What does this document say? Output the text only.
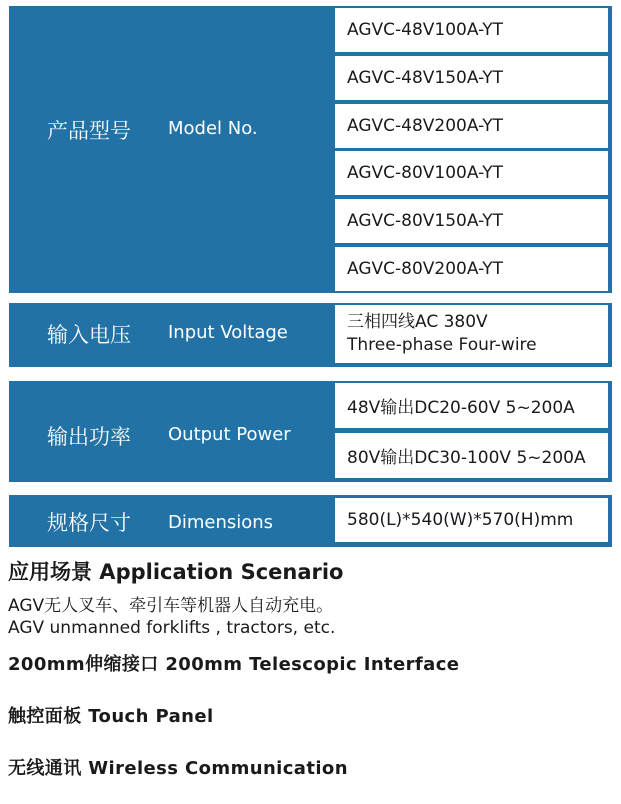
产品型号 Model No.
AGVC-48V100A-YT
AGVC-48V150A-YT
AGVC-48V200A-YT
AGVC-80V100A-YT
AGVC-80V150A-YT
AGVC-80V200A-YT
输入电压 Input Voltage	三相四线AC 380V
Three-phase Four-wire
输出功率 Output Power
48V输出DC20-60V 5~200A
80V输出DC30-100V 5~200A
规格尺寸 Dimensions	580(L)*540(W)*570(H)mm
应用场景 Application Scenario
AGV无人叉车、牵引车等机器人自动充电。
AGV unmanned forklifts , tractors, etc.
200mm伸缩接口 200mm Telescopic Interface
触控面板 Touch Panel
无线通讯 Wireless Communication
